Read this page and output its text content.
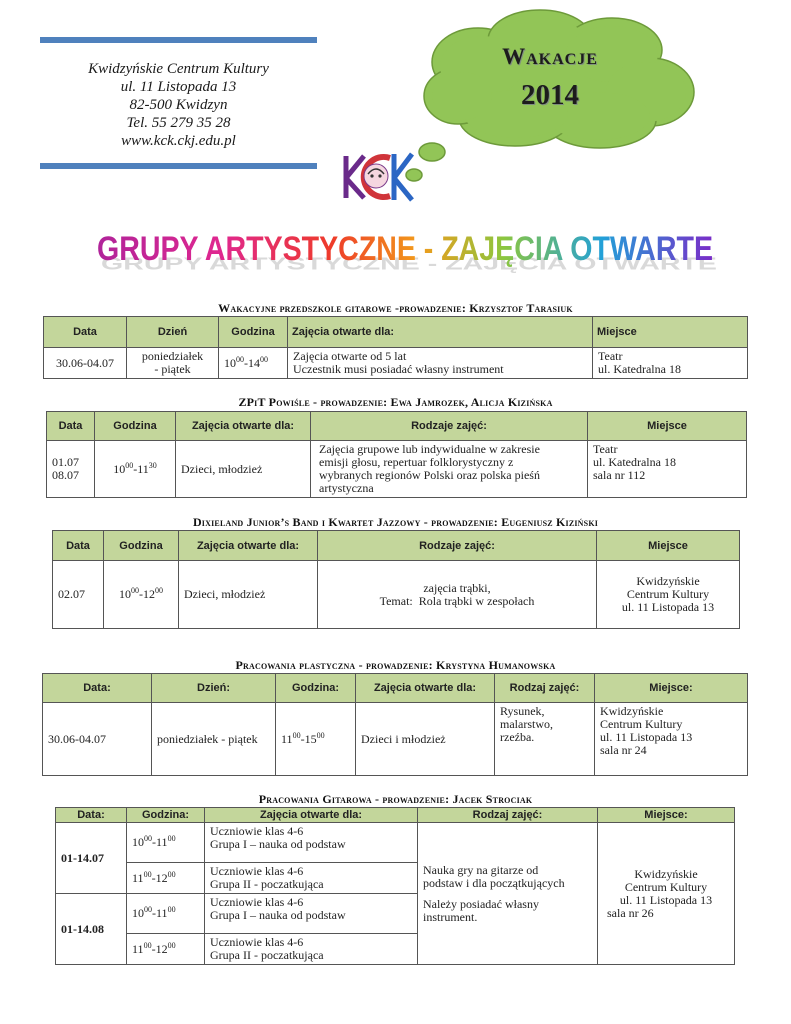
Kwidzyńskie Centrum Kultury
ul. 11 Listopada 13
82-500 Kwidzyn
Tel. 55 279 35 28
www.kck.ckj.edu.pl
Wakacje
2014
GRUPY ARTYSTYCZNE - ZAJĘCIA OTWARTE
GRUPY ARTYSTYCZNE - ZAJĘCIA OTWARTE
Wakacyjne przedszkole gitarowe -prowadzenie: Krzysztof Tarasiuk
Data	Dzień	Godzina	Zajęcia otwarte dla:	Miejsce
30.06-04.07	poniedziałek
- piątek	$10^{00}-14^{00}$	Zajęcia otwarte od 5 lat
Uczestnik musi posiadać własny instrument	Teatr
ul. Katedralna 18
ZPiT Powiśle - prowadzenie: Ewa Jamrozek, Alicja Kizińska
Data	Godzina	Zajęcia otwarte dla:	Rodzaje zajęć:	Miejsce

01.07
08.07	$10^{00}-11^{30}$	Dzieci, młodzież	Zajęcia grupowe lub indywidualne w zakresie
emisji głosu, repertuar folklorystyczny z
wybranych regionów Polski oraz polska pieśń
artystyczna	Teatr
ul. Katedralna 18
sala nr 112
Dixieland Junior’s Band i Kwartet Jazzowy - prowadzenie: Eugeniusz Kiziński
Data	Godzina	Zajęcia otwarte dla:	Rodzaje zajęć:	Miejsce
02.07	$10^{00}-12^{00}$	Dzieci, młodzież	zajęcia trąbki,
Temat:  Rola trąbki w zespołach	Kwidzyńskie
Centrum Kultury
ul. 11 Listopada 13
Pracowania plastyczna - prowadzenie: Krystyna Humanowska
Data:	Dzień:	Godzina:	Zajęcia otwarte dla:	Rodzaj zajęć:	Miejsce:
30.06-04.07	poniedziałek - piątek	$11^{00}-15^{00}$	Dzieci i młodzież	Rysunek,
malarstwo,
rzeźba.	Kwidzyńskie
Centrum Kultury
ul. 11 Listopada 13
sala nr 24
Pracowania Gitarowa - prowadzenie: Jacek Strociak
Data:	Godzina:	Zajęcia otwarte dla:	Rodzaj zajęć:	Miejsce:
01-14.07	$10^{00}-11^{00}$	Uczniowie klas 4-6
Grupa I – nauka od podstaw	Nauka gry na gitarze od
podstaw i dla początkujących
Należy posiadać własny
instrument.	Kwidzyńskie
Centrum Kultury
ul. 11 Listopada 13
sala nr 26

	$11^{00}-12^{00}$	Uczniowie klas 4-6
Grupa II - poczatkująca		

01-14.08	$10^{00}-11^{00}$	Uczniowie klas 4-6
Grupa I – nauka od podstaw		

	$11^{00}-12^{00}$	Uczniowie klas 4-6
Grupa II - poczatkująca		
